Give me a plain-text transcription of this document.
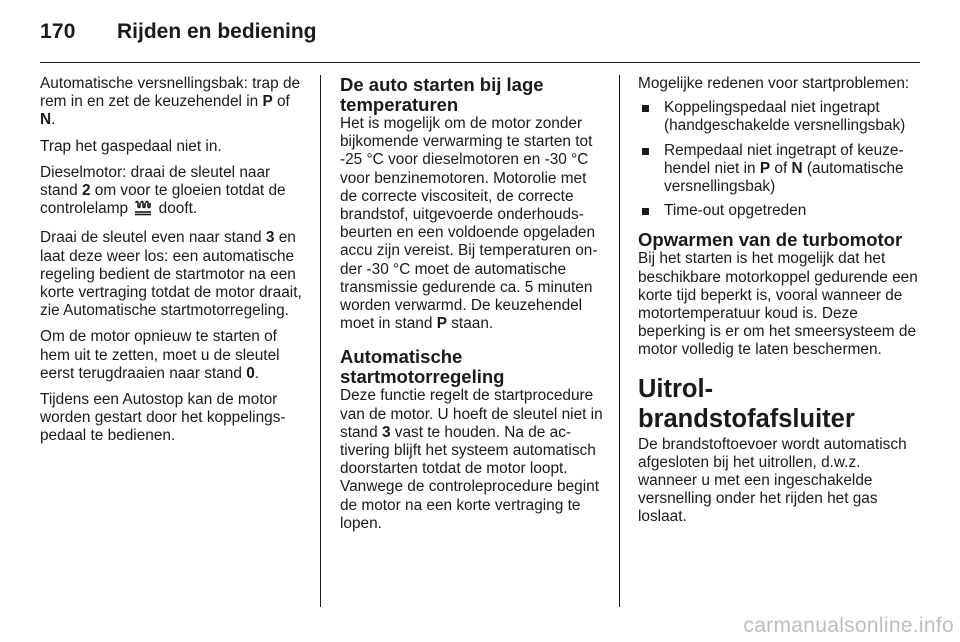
170 Rijden en bediening

Automatische versnellingsbak: trap de rem in en zet de keuzehendel in P of N.

Trap het gaspedaal niet in.

Dieselmotor: draai de sleutel naar stand 2 om voor te gloeien totdat de controlelamp  dooft.

Draai de sleutel even naar stand 3 en laat deze weer los: een automatische regeling bedient de startmotor na een korte vertraging totdat de motor draait, zie Automatische startmotorregeling.

Om de motor opnieuw te starten of hem uit te zetten, moet u de sleutel eerst terugdraaien naar stand 0.

Tijdens een Autostop kan de motor worden gestart door het koppelingspedaal te bedienen.

De auto starten bij lage temperaturen

Het is mogelijk om de motor zonder bijkomende verwarming te starten tot -25 °C voor dieselmotoren en -30 °C voor benzinemotoren. Motorolie met de correcte viscositeit, de correcte brandstof, uitgevoerde onderhoudsbeurten en een voldoende opgeladen accu zijn vereist. Bij temperaturen onder -30 °C moet de automatische transmissie gedurende ca. 5 minuten worden verwarmd. De keuzehendel moet in stand P staan.

Automatische startmotorregeling

Deze functie regelt de startprocedure van de motor. U hoeft de sleutel niet in stand 3 vast te houden. Na de activering blijft het systeem automatisch doorstarten totdat de motor loopt. Vanwege de controleprocedure begint de motor na een korte vertraging te lopen.

Mogelijke redenen voor startproblemen:

Koppelingspedaal niet ingetrapt (handgeschakelde versnellingsbak)
Rempedaal niet ingetrapt of keuzehendel niet in P of N (automatische versnellingsbak)
Time-out opgetreden
Opwarmen van de turbomotor

Bij het starten is het mogelijk dat het beschikbare motorkoppel gedurende een korte tijd beperkt is, vooral wanneer de motortemperatuur koud is. Deze beperking is er om het smeersysteem de motor volledig te laten beschermen.

Uitrol-brandstofafsluiter

De brandstoftoevoer wordt automatisch afgesloten bij het uitrollen, d.w.z. wanneer u met een ingeschakelde versnelling onder het rijden het gas loslaat.

carmanualsonline.info
